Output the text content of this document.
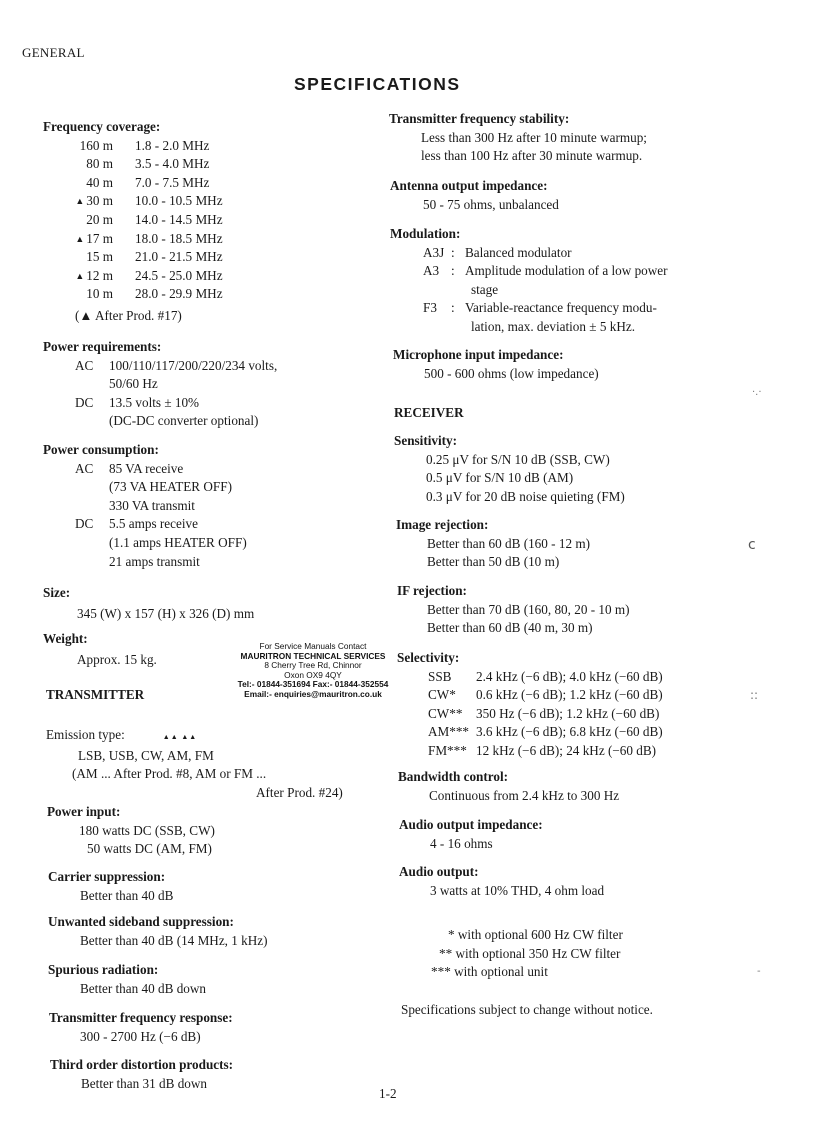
GENERAL
SPECIFICATIONS
Frequency coverage:
160 m 1.8 - 2.0 MHz
80 m 3.5 - 4.0 MHz
40 m 7.0 - 7.5 MHz
▲ 30 m 10.0 - 10.5 MHz
20 m 14.0 - 14.5 MHz
▲ 17 m 18.0 - 18.5 MHz
15 m 21.0 - 21.5 MHz
▲ 12 m 24.5 - 25.0 MHz
10 m 28.0 - 29.9 MHz
(▲ After Prod. #17)
Power requirements:
AC 100/110/117/200/220/234 volts,
50/60 Hz
DC 13.5 volts ± 10%
(DC-DC converter optional)
Power consumption:
AC 85 VA receive
(73 VA HEATER OFF)
330 VA transmit
DC 5.5 amps receive
(1.1 amps HEATER OFF)
21 amps transmit
Size:
345 (W) x 157 (H) x 326 (D) mm
Weight:
Approx. 15 kg.
For Service Manuals Contact
MAURITRON TECHNICAL SERVICES
8 Cherry Tree Rd, Chinnor
Oxon OX9 4QY
Tel:- 01844-351694 Fax:- 01844-352554
Email:- enquiries@mauritron.co.uk
TRANSMITTER
Emission type:	▲▲ ▲▲
LSB, USB, CW, AM, FM
(AM ... After Prod. #8, AM or FM ...
After Prod. #24)
Power input:
180 watts DC (SSB, CW)
50 watts DC (AM, FM)
Carrier suppression:
Better than 40 dB
Unwanted sideband suppression:
Better than 40 dB (14 MHz, 1 kHz)
Spurious radiation:
Better than 40 dB down
Transmitter frequency response:
300 - 2700 Hz (−6 dB)
Third order distortion products:
Better than 31 dB down
1-2
Transmitter frequency stability:
Less than 300 Hz after 10 minute warmup;
less than 100 Hz after 30 minute warmup.
Antenna output impedance:
50 - 75 ohms, unbalanced
Modulation:
A3J : Balanced modulator
A3 : Amplitude modulation of a low power
stage
F3 : Variable-reactance frequency modu-
lation, max. deviation ± 5 kHz.
Microphone input impedance:
500 - 600 ohms (low impedance)
RECEIVER
Sensitivity:
0.25 μV for S/N 10 dB (SSB, CW)
0.5 μV for S/N 10 dB (AM)
0.3 μV for 20 dB noise quieting (FM)
Image rejection:
Better than 60 dB (160 - 12 m)
Better than 50 dB (10 m)
IF rejection:
Better than 70 dB (160, 80, 20 - 10 m)
Better than 60 dB (40 m, 30 m)
Selectivity:
SSB 2.4 kHz (−6 dB); 4.0 kHz (−60 dB)
CW* 0.6 kHz (−6 dB); 1.2 kHz (−60 dB)
CW** 350 Hz (−6 dB); 1.2 kHz (−60 dB)
AM*** 3.6 kHz (−6 dB); 6.8 kHz (−60 dB)
FM*** 12 kHz (−6 dB); 24 kHz (−60 dB)
Bandwidth control:
Continuous from 2.4 kHz to 300 Hz
Audio output impedance:
4 - 16 ohms
Audio output:
3 watts at 10% THD, 4 ohm load
* with optional 600 Hz CW filter
** with optional 350 Hz CW filter
*** with optional unit
Specifications subject to change without notice.
·.·
c
::
-
